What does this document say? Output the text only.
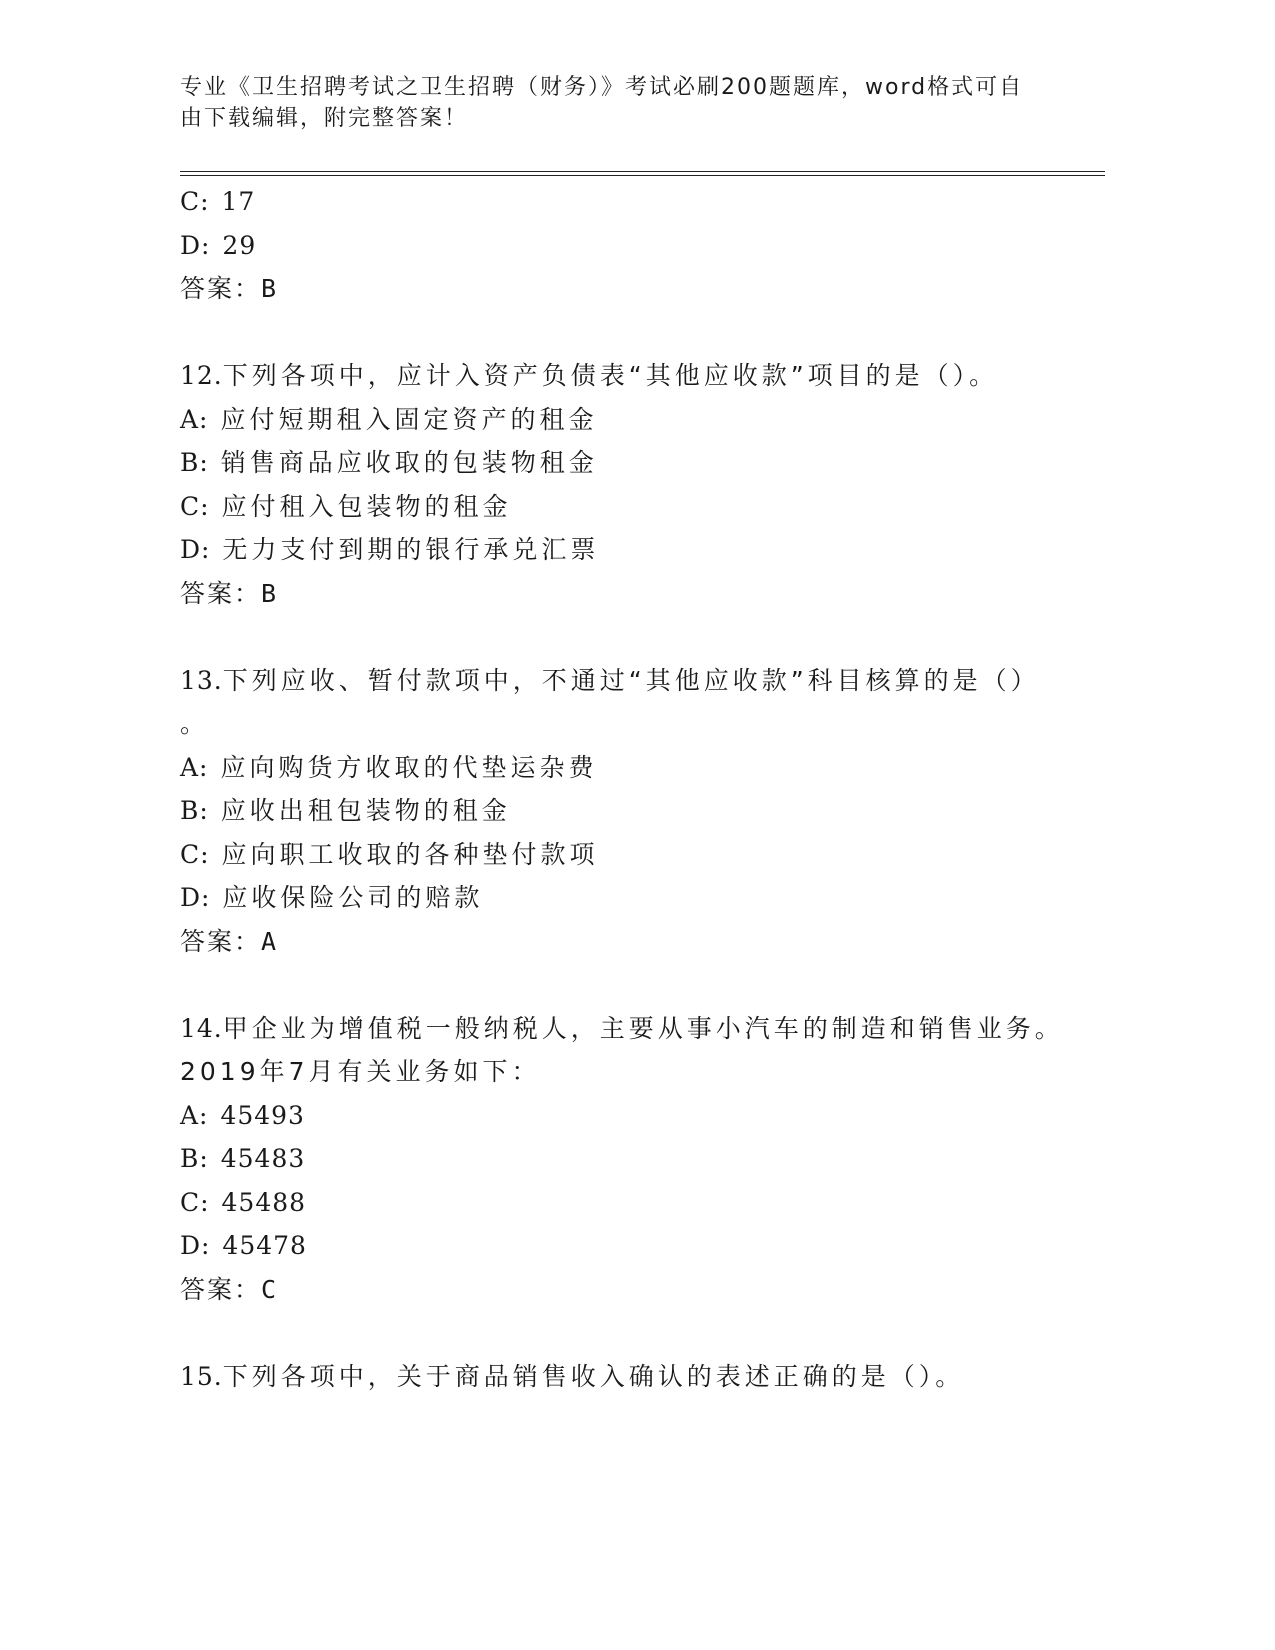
专业《卫生招聘考试之卫生招聘（财务）》考试必刷200题题库，word格式可自
由下载编辑，附完整答案！
C: 17
D: 29
答案：B
12.下列各项中，应计入资产负债表“其他应收款”项目的是（）。
A: 应付短期租入固定资产的租金
B: 销售商品应收取的包装物租金
C: 应付租入包装物的租金
D: 无力支付到期的银行承兑汇票
答案：B
13.下列应收、暂付款项中，不通过“其他应收款”科目核算的是（）
。
A: 应向购货方收取的代垫运杂费
B: 应收出租包装物的租金
C: 应向职工收取的各种垫付款项
D: 应收保险公司的赔款
答案：A
14.甲企业为增值税一般纳税人，主要从事小汽车的制造和销售业务。
2019年7月有关业务如下：
A: 45493
B: 45483
C: 45488
D: 45478
答案：C
15.下列各项中，关于商品销售收入确认的表述正确的是（）。
